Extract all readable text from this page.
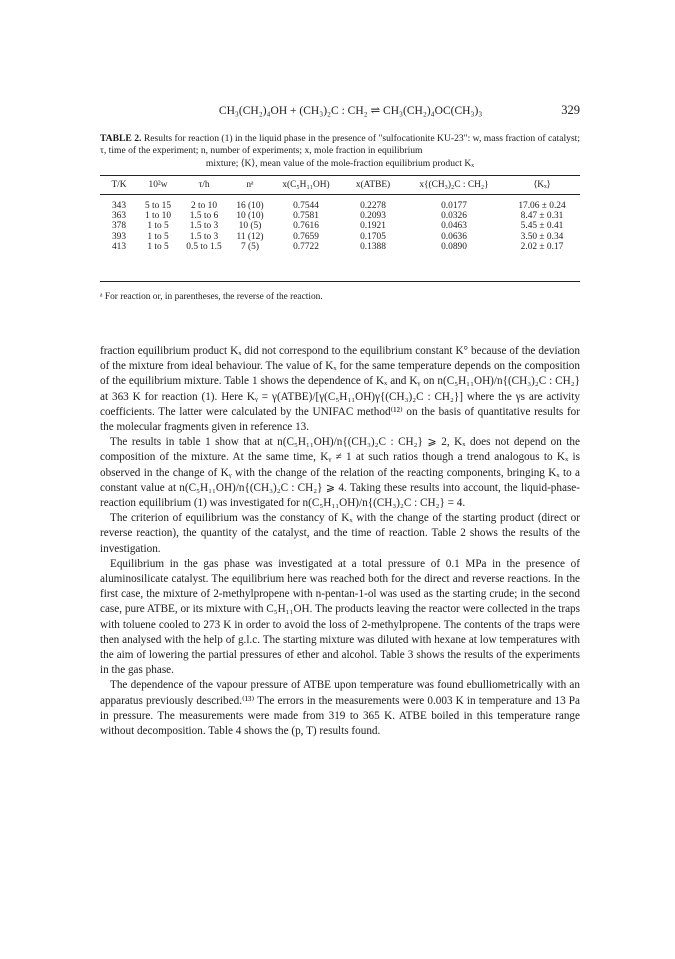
CH₃(CH₂)₄OH + (CH₃)₂C : CH₂ ⇌ CH₃(CH₂)₄OC(CH₃)₃	329
TABLE 2. Results for reaction (1) in the liquid phase in the presence of "sulfocationite KU-23": w, mass fraction of catalyst; τ, time of the experiment; n, number of experiments; x, mole fraction in equilibrium
mixture; ⟨K⟩, mean value of the mole-fraction equilibrium product Kₓ
T/K	10²w	τ/h	nᵃ	x(C₅H₁₁OH)	x(ATBE)	x{(CH₃)₂C : CH₂}	⟨Kₓ⟩
343	5 to 15	2 to 10	16 (10)	0.7544	0.2278	0.0177	17.06 ± 0.24
363	1 to 10	1.5 to 6	10 (10)	0.7581	0.2093	0.0326	8.47 ± 0.31
378	1 to 5	1.5 to 3	10 (5)	0.7616	0.1921	0.0463	5.45 ± 0.41
393	1 to 5	1.5 to 3	11 (12)	0.7659	0.1705	0.0636	3.50 ± 0.34
413	1 to 5	0.5 to 1.5	7 (5)	0.7722	0.1388	0.0890	2.02 ± 0.17
ᵃ For reaction or, in parentheses, the reverse of the reaction.

fraction equilibrium product Kₓ did not correspond to the equilibrium constant K° because of the deviation of the mixture from ideal behaviour. The value of Kₓ for the same temperature depends on the composition of the equilibrium mixture. Table 1 shows the dependence of Kₓ and Kᵧ on n(C₅H₁₁OH)/n{(CH₃)₂C : CH₂} at 363 K for reaction (1). Here Kᵧ = γ(ATBE)/[γ(C₅H₁₁OH)γ{(CH₃)₂C : CH₂}] where the γs are activity coefficients. The latter were calculated by the UNIFAC method⁽¹²⁾ on the basis of quantitative results for the molecular fragments given in reference 13.

The results in table 1 show that at n(C₅H₁₁OH)/n{(CH₃)₂C : CH₂} ⩾ 2, Kₓ does not depend on the composition of the mixture. At the same time, Kᵧ ≠ 1 at such ratios though a trend analogous to Kₓ is observed in the change of Kᵧ with the change of the relation of the reacting components, bringing Kₓ to a constant value at n(C₅H₁₁OH)/n{(CH₃)₂C : CH₂} ⩾ 4. Taking these results into account, the liquid-phase-reaction equilibrium (1) was investigated for n(C₅H₁₁OH)/n{(CH₃)₂C : CH₂} = 4.

The criterion of equilibrium was the constancy of Kₓ with the change of the starting product (direct or reverse reaction), the quantity of the catalyst, and the time of reaction. Table 2 shows the results of the investigation.

Equilibrium in the gas phase was investigated at a total pressure of 0.1 MPa in the presence of aluminosilicate catalyst. The equilibrium here was reached both for the direct and reverse reactions. In the first case, the mixture of 2-methylpropene with n-pentan-1-ol was used as the starting crude; in the second case, pure ATBE, or its mixture with C₅H₁₁OH. The products leaving the reactor were collected in the traps with toluene cooled to 273 K in order to avoid the loss of 2-methylpropene. The contents of the traps were then analysed with the help of g.l.c. The starting mixture was diluted with hexane at low temperatures with the aim of lowering the partial pressures of ether and alcohol. Table 3 shows the results of the experiments in the gas phase.

The dependence of the vapour pressure of ATBE upon temperature was found ebulliometrically with an apparatus previously described.⁽¹³⁾ The errors in the measurements were 0.003 K in temperature and 13 Pa in pressure. The measurements were made from 319 to 365 K. ATBE boiled in this temperature range without decomposition. Table 4 shows the (p, T) results found.
